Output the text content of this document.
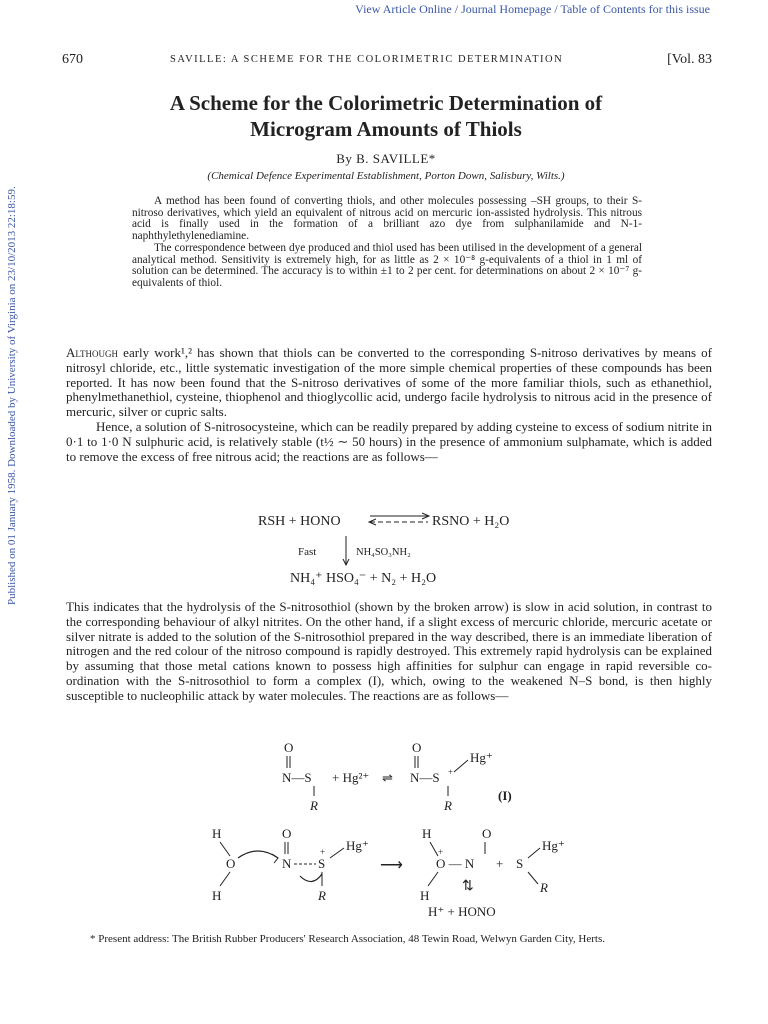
View Article Online / Journal Homepage / Table of Contents for this issue
Published on 01 January 1958. Downloaded by University of Virginia on 23/10/2013 22:18:59.
670	SAVILLE: A SCHEME FOR THE COLORIMETRIC DETERMINATION	[Vol. 83
A Scheme for the Colorimetric Determination of
Microgram Amounts of Thiols
By B. SAVILLE*
(Chemical Defence Experimental Establishment, Porton Down, Salisbury, Wilts.)

A method has been found of converting thiols, and other molecules possessing –SH groups, to their S-nitroso derivatives, which yield an equivalent of nitrous acid on mercuric ion-assisted hydrolysis. This nitrous acid is finally used in the formation of a brilliant azo dye from sulphanilamide and N-1-naphthylethylenediamine.

The correspondence between dye produced and thiol used has been utilised in the development of a general analytical method. Sensitivity is extremely high, for as little as 2 × 10⁻⁸ g-equivalents of a thiol in 1 ml of solution can be determined. The accuracy is to within ±1 to 2 per cent. for determinations on about 2 × 10⁻⁷ g-equivalents of thiol.

Although early work¹,² has shown that thiols can be converted to the corresponding S-nitroso derivatives by means of nitrosyl chloride, etc., little systematic investigation of the more simple chemical properties of these compounds has been reported. It has now been found that the S-nitroso derivatives of some of the more familiar thiols, such as ethanethiol, phenylmethanethiol, cysteine, thiophenol and thioglycollic acid, undergo facile hydrolysis to nitrous acid in the presence of mercuric, silver or cupric salts.

Hence, a solution of S-nitrosocysteine, which can be readily prepared by adding cysteine to excess of sodium nitrite in 0·1 to 1·0 N sulphuric acid, is relatively stable (t½ ∼ 50 hours) in the presence of ammonium sulphamate, which is added to remove the excess of free nitrous acid; the reactions are as follows—

RSH + HONO	RSNO + H₂O
Fast	NH₄SO₃NH₂
NH₄⁺ HSO₄⁻ + N₂ + H₂O

This indicates that the hydrolysis of the S-nitrosothiol (shown by the broken arrow) is slow in acid solution, in contrast to the corresponding behaviour of alkyl nitrites. On the other hand, if a slight excess of mercuric chloride, mercuric acetate or silver nitrate is added to the solution of the S-nitrosothiol prepared in the way described, there is an immediate liberation of nitrogen and the red colour of the nitroso compound is rapidly destroyed. This extremely rapid hydrolysis can be explained by assuming that those metal cations known to possess high affinities for sulphur can engage in rapid reversible co-ordination with the S-nitrosothiol to form a complex (I), which, owing to the weakened N–S bond, is then highly susceptible to nucleophilic attack by water molecules. The reactions are as follows—

O
N—S
R
+ Hg²⁺ ⇌
O
N—S +
Hg⁺
R
(I)
H
O
H
O
N S
+ Hg⁺
R
⟶
H
+
O — N
H
O
+ S
Hg⁺
R
⇅
H⁺ + HONO

* Present address: The British Rubber Producers' Research Association, 48 Tewin Road, Welwyn Garden City, Herts.
